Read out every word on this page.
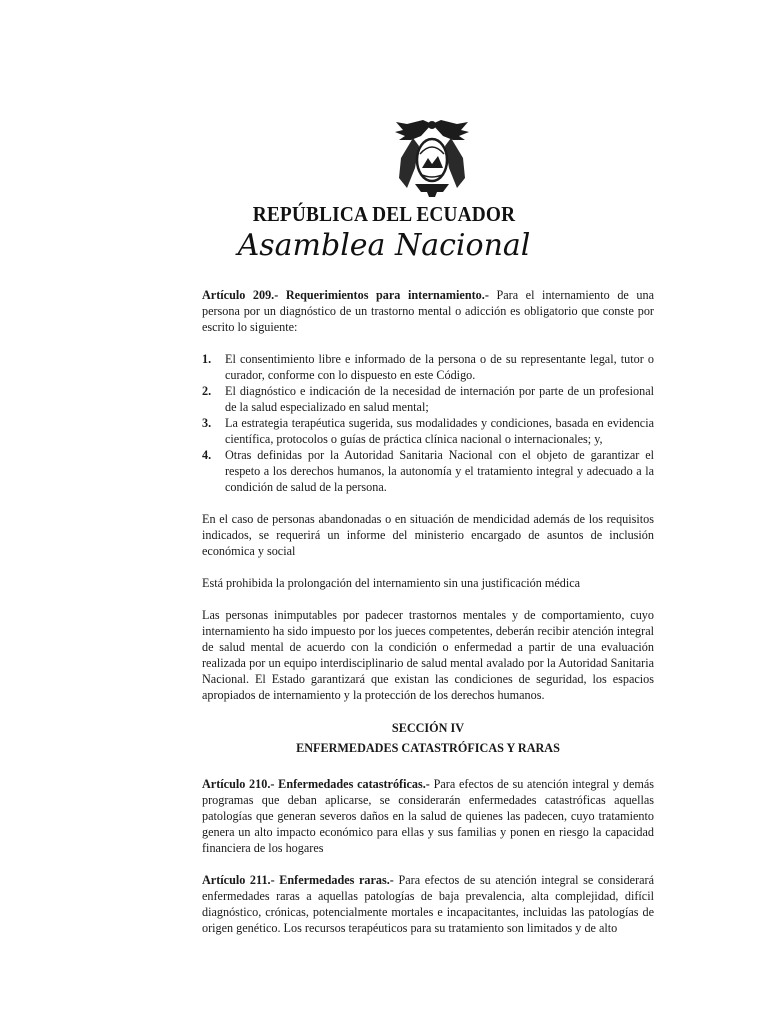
REPÚBLICA DEL ECUADOR
Asamblea Nacional

Artículo 209.- Requerimientos para internamiento.- Para el internamiento de una persona por un diagnóstico de un trastorno mental o adicción es obligatorio que conste por escrito lo siguiente:

1. El consentimiento libre e informado de la persona o de su representante legal, tutor o curador, conforme con lo dispuesto en este Código.
2. El diagnóstico e indicación de la necesidad de internación por parte de un profesional de la salud especializado en salud mental;
3. La estrategia terapéutica sugerida, sus modalidades y condiciones, basada en evidencia científica, protocolos o guías de práctica clínica nacional o internacionales; y,
4. Otras definidas por la Autoridad Sanitaria Nacional con el objeto de garantizar el respeto a los derechos humanos, la autonomía y el tratamiento integral y adecuado a la condición de salud de la persona.

En el caso de personas abandonadas o en situación de mendicidad además de los requisitos indicados, se requerirá un informe del ministerio encargado de asuntos de inclusión económica y social

Está prohibida la prolongación del internamiento sin una justificación médica

Las personas inimputables por padecer trastornos mentales y de comportamiento, cuyo internamiento ha sido impuesto por los jueces competentes, deberán recibir atención integral de salud mental de acuerdo con la condición o enfermedad a partir de una evaluación realizada por un equipo interdisciplinario de salud mental avalado por la Autoridad Sanitaria Nacional. El Estado garantizará que existan las condiciones de seguridad, los espacios apropiados de internamiento y la protección de los derechos humanos.

SECCIÓN IV

ENFERMEDADES CATASTRÓFICAS Y RARAS

Artículo 210.- Enfermedades catastróficas.- Para efectos de su atención integral y demás programas que deban aplicarse, se considerarán enfermedades catastróficas aquellas patologías que generan severos daños en la salud de quienes las padecen, cuyo tratamiento genera un alto impacto económico para ellas y sus familias y ponen en riesgo la capacidad financiera de los hogares

Artículo 211.- Enfermedades raras.- Para efectos de su atención integral se considerará enfermedades raras a aquellas patologías de baja prevalencia, alta complejidad, difícil diagnóstico, crónicas, potencialmente mortales e incapacitantes, incluidas las patologías de origen genético. Los recursos terapéuticos para su tratamiento son limitados y de alto
